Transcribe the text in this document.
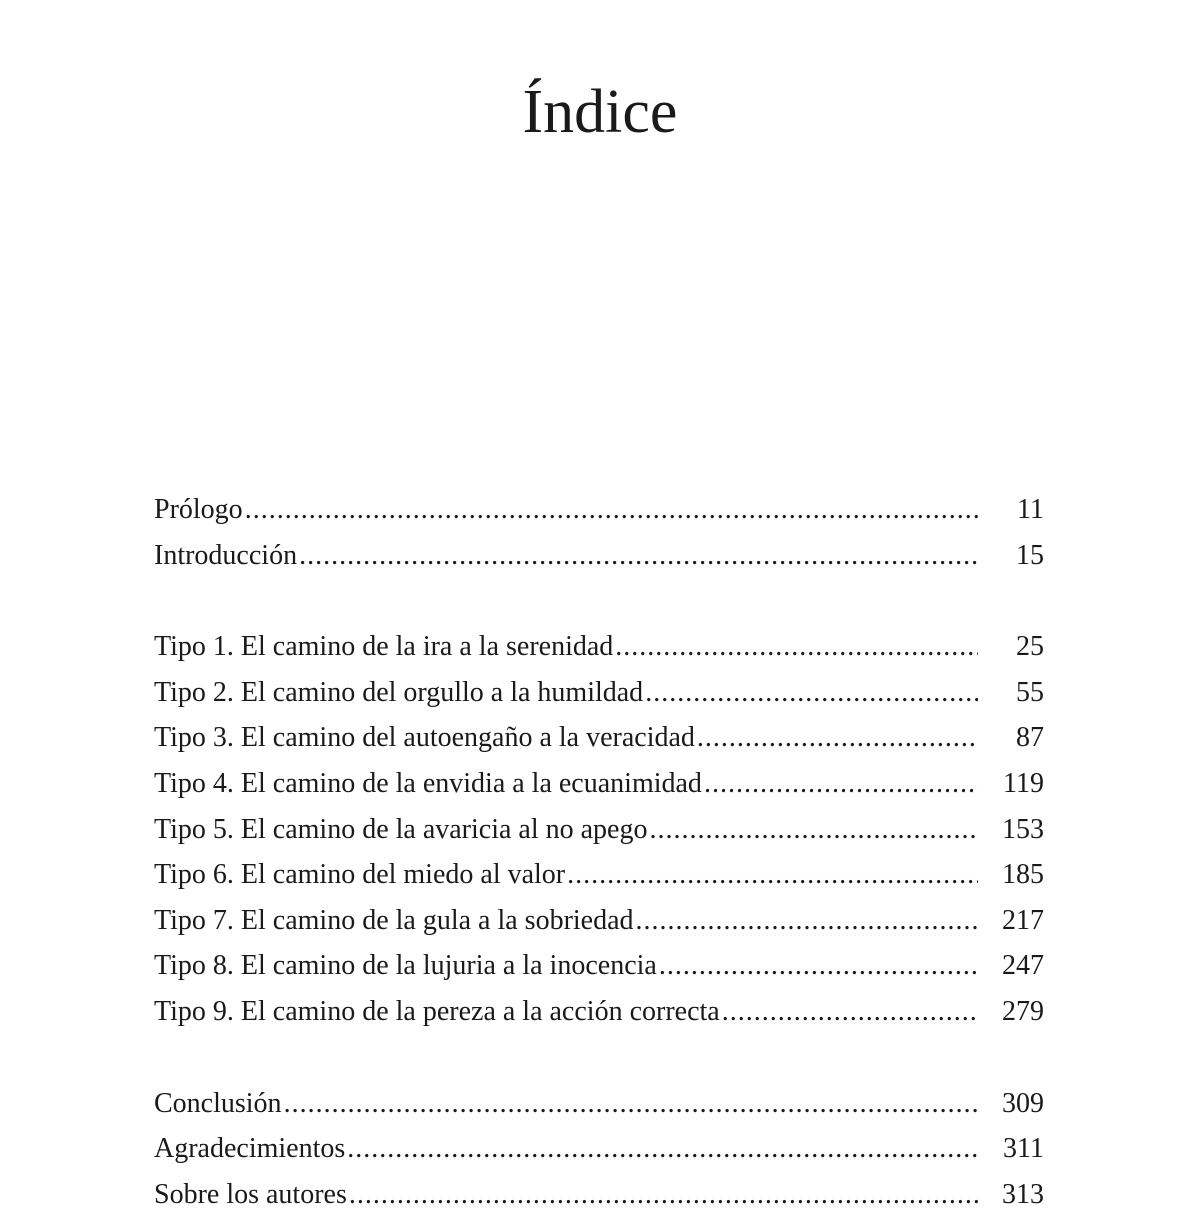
Índice
Prólogo .....	11
Introducción .....	15
Tipo 1. El camino de la ira a la serenidad .....	25
Tipo 2. El camino del orgullo a la humildad .....	55
Tipo 3. El camino del autoengaño a la veracidad .....	87
Tipo 4. El camino de la envidia a la ecuanimidad .....	119
Tipo 5. El camino de la avaricia al no apego .....	153
Tipo 6. El camino del miedo al valor .....	185
Tipo 7. El camino de la gula a la sobriedad .....	217
Tipo 8. El camino de la lujuria a la inocencia .....	247
Tipo 9. El camino de la pereza a la acción correcta .....	279
Conclusión .....	309
Agradecimientos .....	311
Sobre los autores .....	313
